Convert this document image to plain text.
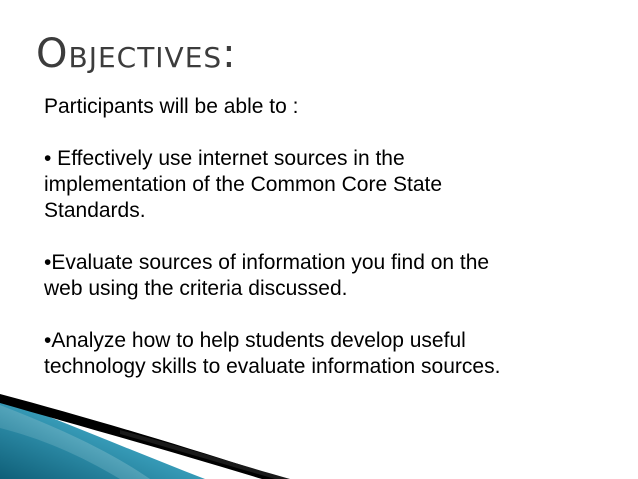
Objectives:

Participants will be able to :

• Effectively use internet sources in the
implementation of the Common Core State
Standards.

•Evaluate sources of information you find on the
web using the criteria discussed.

•Analyze how to help students develop useful
technology skills to evaluate information sources.
